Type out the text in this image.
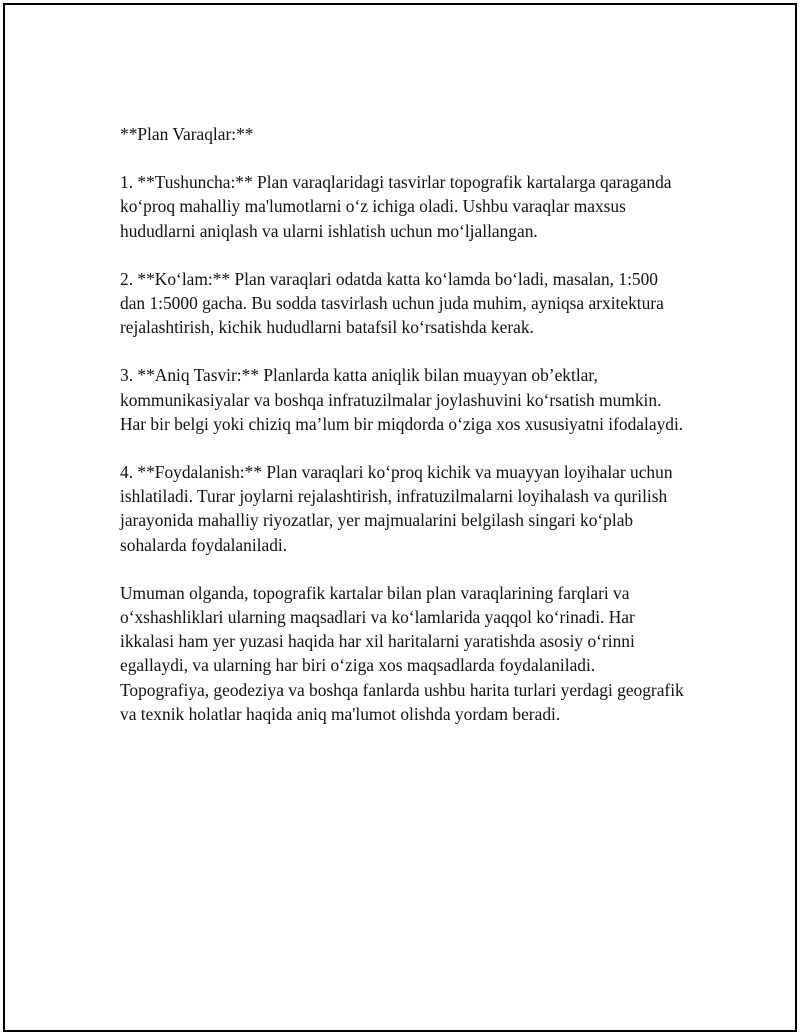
**Plan Varaqlar:**

1. **Tushuncha:** Plan varaqlaridagi tasvirlar topografik kartalarga qaraganda ko‘proq mahalliy ma'lumotlarni o‘z ichiga oladi. Ushbu varaqlar maxsus hududlarni aniqlash va ularni ishlatish uchun mo‘ljallangan.

2. **Ko‘lam:** Plan varaqlari odatda katta ko‘lamda bo‘ladi, masalan, 1:500 dan 1:5000 gacha. Bu sodda tasvirlash uchun juda muhim, ayniqsa arxitektura rejalashtirish, kichik hududlarni batafsil ko‘rsatishda kerak.

3. **Aniq Tasvir:** Planlarda katta aniqlik bilan muayyan ob’ektlar, kommunikasiyalar va boshqa infratuzilmalar joylashuvini ko‘rsatish mumkin. Har bir belgi yoki chiziq ma’lum bir miqdorda o‘ziga xos xususiyatni ifodalaydi.

4. **Foydalanish:** Plan varaqlari ko‘proq kichik va muayyan loyihalar uchun ishlatiladi. Turar joylarni rejalashtirish, infratuzilmalarni loyihalash va qurilish jarayonida mahalliy riyozatlar, yer majmualarini belgilash singari ko‘plab sohalarda foydalaniladi.

Umuman olganda, topografik kartalar bilan plan varaqlarining farqlari va o‘xshashliklari ularning maqsadlari va ko‘lamlarida yaqqol ko‘rinadi. Har ikkalasi ham yer yuzasi haqida har xil haritalarni yaratishda asosiy o‘rinni egallaydi, va ularning har biri o‘ziga xos maqsadlarda foydalaniladi. Topografiya, geodeziya va boshqa fanlarda ushbu harita turlari yerdagi geografik va texnik holatlar haqida aniq ma'lumot olishda yordam beradi.
